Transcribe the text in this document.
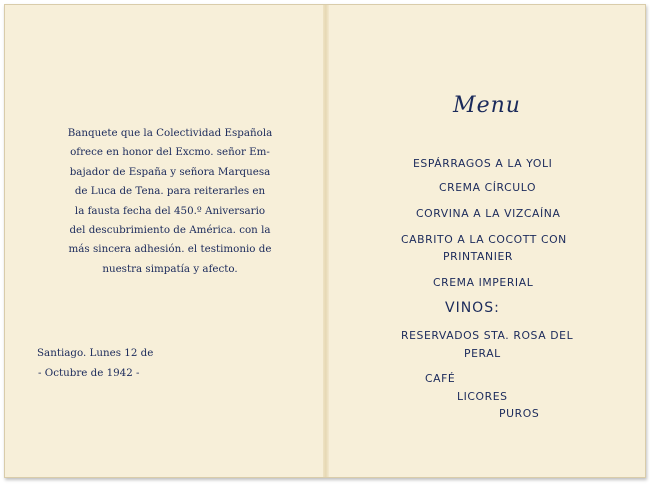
Banquete que la Colectividad Española
ofrece en honor del Excmo. señor Em-
bajador de España y señora Marquesa
de Luca de Tena. para reiterarles en
la fausta fecha del 450.º Aniversario
del descubrimiento de América. con la
más sincera adhesión. el testimonio de
nuestra simpatía y afecto.
Santiago. Lunes 12 de
- Octubre de 1942 -
Menu
ESPÁRRAGOS A LA YOLI
CREMA CÍRCULO
CORVINA A LA VIZCAÍNA
CABRITO A LA COCOTT CON
PRINTANIER
CREMA IMPERIAL
VINOS:
RESERVADOS STA. ROSA DEL
PERAL
CAFÉ
LICORES
PUROS
